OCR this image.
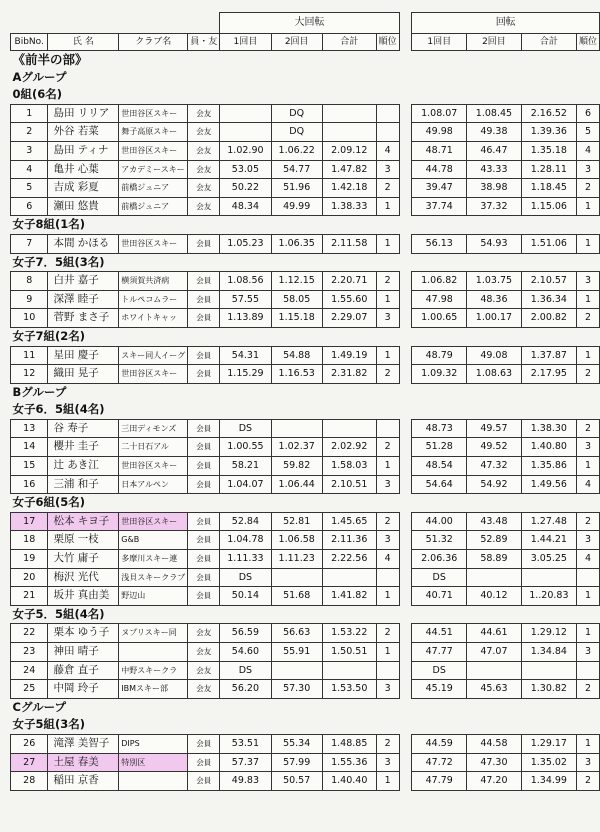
				大回転					回転			
BibNo.	氏 名	クラブ名	員・友	1回目	2回目	合計	順位		1回目	2回目	合計	順位
《前半の部》												
Aグループ												
0組(6名)												
1	島田 リリア	世田谷区スキー	会友		DQ				1.08.07	1.08.45	2.16.52	6
2	外谷 若菜	舞子高原スキー	会友		DQ				49.98	49.38	1.39.36	5
3	島田 ティナ	世田谷区スキー	会友	1.02.90	1.06.22	2.09.12	4		48.71	46.47	1.35.18	4
4	亀井 心葉	アカデミースキー	会友	53.05	54.77	1.47.82	3		44.78	43.33	1.28.11	3
5	吉成 彩夏	前橋ジュニア	会友	50.22	51.96	1.42.18	2		39.47	38.98	1.18.45	2
6	瀬田 悠貴	前橋ジュニア	会友	48.34	49.99	1.38.33	1		37.74	37.32	1.15.06	1
女子8組(1名)												
7	本間 かほる	世田谷区スキー	会員	1.05.23	1.06.35	2.11.58	1		56.13	54.93	1.51.06	1
女子7．5組(3名)												
8	白井 嘉子	横須賀共済病	会員	1.08.56	1.12.15	2.20.71	2		1.06.82	1.03.75	2.10.57	3
9	深澤 睦子	トルペコムラー	会員	57.55	58.05	1.55.60	1		47.98	48.36	1.36.34	1
10	菅野 まさ子	ホワイトキャッ	会員	1.13.89	1.15.18	2.29.07	3		1.00.65	1.00.17	2.00.82	2
女子7組(2名)												
11	星田 慶子	スキー同人イーグ	会員	54.31	54.88	1.49.19	1		48.79	49.08	1.37.87	1
12	織田 晃子	世田谷区スキー	会員	1.15.29	1.16.53	2.31.82	2		1.09.32	1.08.63	2.17.95	2
Bグループ												
女子6．5組(4名)												
13	谷 寿子	三田ディモンズ	会員	DS					48.73	49.57	1.38.30	2
14	櫻井 圭子	二十日石アル	会員	1.00.55	1.02.37	2.02.92	2		51.28	49.52	1.40.80	3
15	辻 あき江	世田谷区スキー	会員	58.21	59.82	1.58.03	1		48.54	47.32	1.35.86	1
16	三浦 和子	日本アルペン	会員	1.04.07	1.06.44	2.10.51	3		54.64	54.92	1.49.56	4
女子6組(5名)												
17	松本 キヨ子	世田谷区スキー	会員	52.84	52.81	1.45.65	2		44.00	43.48	1.27.48	2
18	栗原 一枝	G&B	会員	1.04.78	1.06.58	2.11.36	3		51.32	52.89	1.44.21	3
19	大竹 庸子	多摩川スキー連	会員	1.11.33	1.11.23	2.22.56	4		2.06.36	58.89	3.05.25	4
20	梅沢 光代	浅貝スキークラブ	会員	DS					DS			
21	坂井 真由美	野辺山	会員	50.14	51.68	1.41.82	1		40.71	40.12	1..20.83	1
女子5．5組(4名)												
22	栗本 ゆう子	ヌプリスキー同	会友	56.59	56.63	1.53.22	2		44.51	44.61	1.29.12	1
23	神田 晴子		会友	54.60	55.91	1.50.51	1		47.77	47.07	1.34.84	3
24	藤倉 直子	中野スキークラ	会友	DS					DS			
25	中岡 玲子	IBMスキー部	会友	56.20	57.30	1.53.50	3		45.19	45.63	1.30.82	2
Cグループ												
女子5組(3名)												
26	滝澤 美智子	DIPS	会員	53.51	55.34	1.48.85	2		44.59	44.58	1.29.17	1
27	土屋 春美	特別区	会員	57.37	57.99	1.55.36	3		47.72	47.30	1.35.02	3
28	稲田 京香		会員	49.83	50.57	1.40.40	1		47.79	47.20	1.34.99	2
